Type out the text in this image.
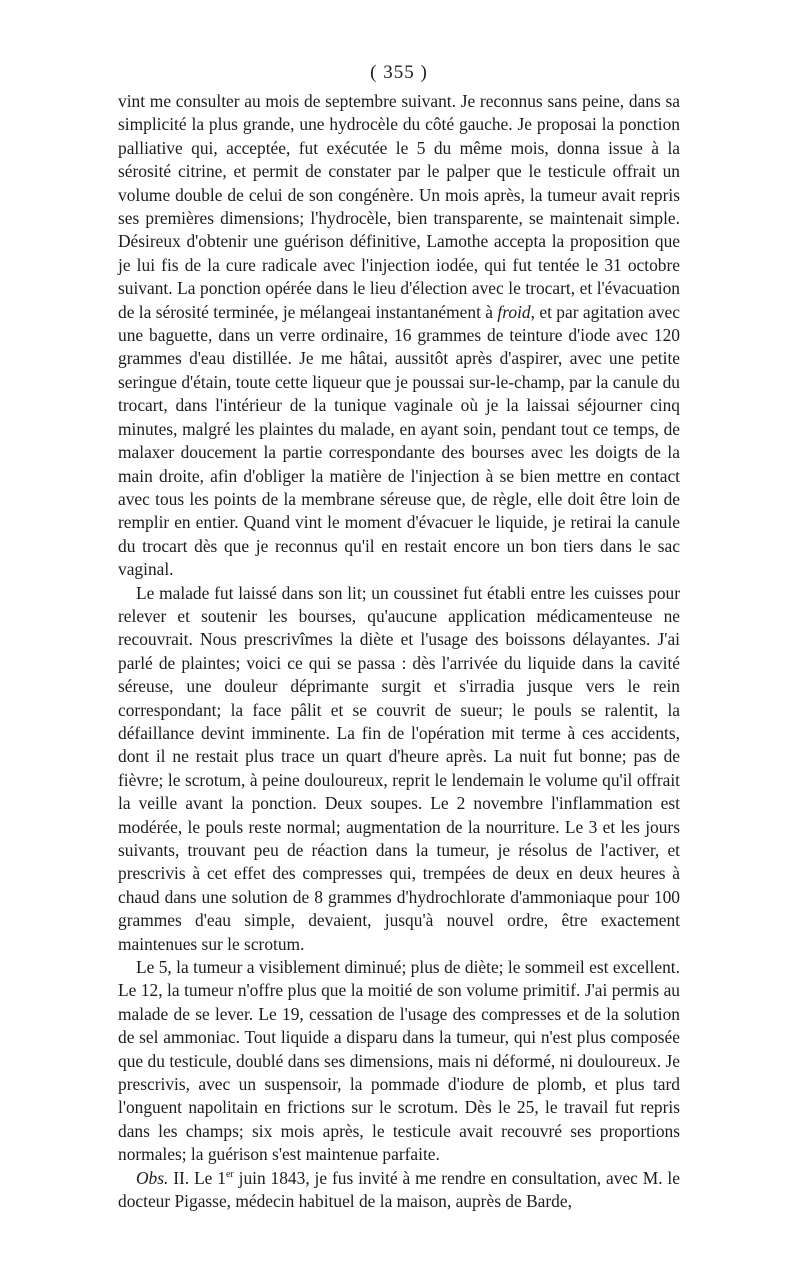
( 355 )

vint me consulter au mois de septembre suivant. Je reconnus sans peine, dans sa simplicité la plus grande, une hydrocèle du côté gauche. Je proposai la ponction palliative qui, acceptée, fut exécutée le 5 du même mois, donna issue à la sérosité citrine, et permit de constater par le palper que le testicule offrait un volume double de celui de son congénère. Un mois après, la tumeur avait repris ses premières dimensions; l'hydrocèle, bien transparente, se maintenait simple. Désireux d'obtenir une guérison définitive, Lamothe accepta la proposition que je lui fis de la cure radicale avec l'injection iodée, qui fut tentée le 31 octobre suivant. La ponction opérée dans le lieu d'élection avec le trocart, et l'évacuation de la sérosité terminée, je mélangeai instantanément à froid, et par agitation avec une baguette, dans un verre ordinaire, 16 grammes de teinture d'iode avec 120 grammes d'eau distillée. Je me hâtai, aussitôt après d'aspirer, avec une petite seringue d'étain, toute cette liqueur que je poussai sur-le-champ, par la canule du trocart, dans l'intérieur de la tunique vaginale où je la laissai séjourner cinq minutes, malgré les plaintes du malade, en ayant soin, pendant tout ce temps, de malaxer doucement la partie correspondante des bourses avec les doigts de la main droite, afin d'obliger la matière de l'injection à se bien mettre en contact avec tous les points de la membrane séreuse que, de règle, elle doit être loin de remplir en entier. Quand vint le moment d'évacuer le liquide, je retirai la canule du trocart dès que je reconnus qu'il en restait encore un bon tiers dans le sac vaginal.

Le malade fut laissé dans son lit; un coussinet fut établi entre les cuisses pour relever et soutenir les bourses, qu'aucune application médicamenteuse ne recouvrait. Nous prescrivîmes la diète et l'usage des boissons délayantes. J'ai parlé de plaintes; voici ce qui se passa : dès l'arrivée du liquide dans la cavité séreuse, une douleur déprimante surgit et s'irradia jusque vers le rein correspondant; la face pâlit et se couvrit de sueur; le pouls se ralentit, la défaillance devint imminente. La fin de l'opération mit terme à ces accidents, dont il ne restait plus trace un quart d'heure après. La nuit fut bonne; pas de fièvre; le scrotum, à peine douloureux, reprit le lendemain le volume qu'il offrait la veille avant la ponction. Deux soupes. Le 2 novembre l'inflammation est modérée, le pouls reste normal; augmentation de la nourriture. Le 3 et les jours suivants, trouvant peu de réaction dans la tumeur, je résolus de l'activer, et prescrivis à cet effet des compresses qui, trempées de deux en deux heures à chaud dans une solution de 8 grammes d'hydrochlorate d'ammoniaque pour 100 grammes d'eau simple, devaient, jusqu'à nouvel ordre, être exactement maintenues sur le scrotum.

Le 5, la tumeur a visiblement diminué; plus de diète; le sommeil est excellent. Le 12, la tumeur n'offre plus que la moitié de son volume primitif. J'ai permis au malade de se lever. Le 19, cessation de l'usage des compresses et de la solution de sel ammoniac. Tout liquide a disparu dans la tumeur, qui n'est plus composée que du testicule, doublé dans ses dimensions, mais ni déformé, ni douloureux. Je prescrivis, avec un suspensoir, la pommade d'iodure de plomb, et plus tard l'onguent napolitain en frictions sur le scrotum. Dès le 25, le travail fut repris dans les champs; six mois après, le testicule avait recouvré ses proportions normales; la guérison s'est maintenue parfaite.

Obs. II. Le 1er juin 1843, je fus invité à me rendre en consultation, avec M. le docteur Pigasse, médecin habituel de la maison, auprès de Barde,
